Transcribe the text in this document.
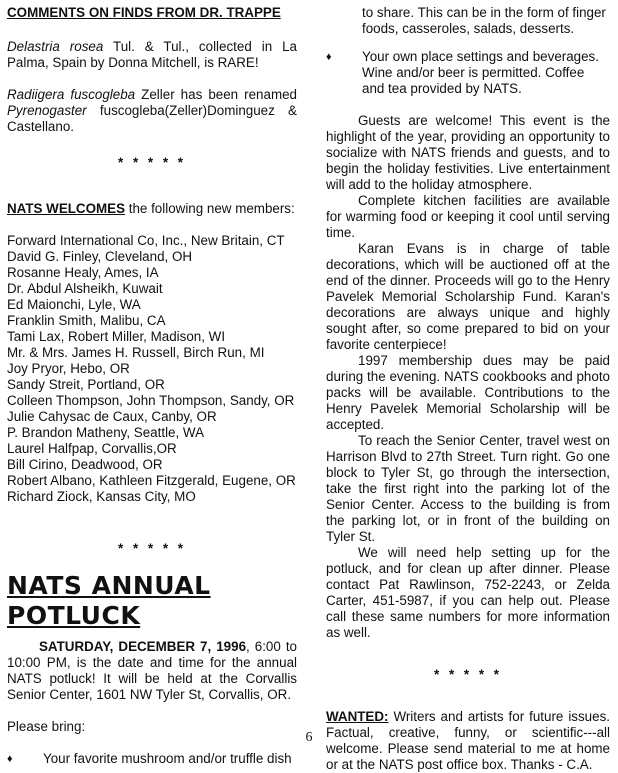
COMMENTS ON FINDS FROM DR. TRAPPE

Delastria rosea Tul. & Tul., collected in La Palma, Spain by Donna Mitchell, is RARE!

Radiigera fuscogleba Zeller has been renamed Pyrenogaster fuscogleba(Zeller)Dominguez & Castellano.

* * * * *

NATS WELCOMES the following new members:

Forward International Co, Inc., New Britain, CT

David G. Finley, Cleveland, OH

Rosanne Healy, Ames, IA

Dr. Abdul Alsheikh, Kuwait

Ed Maionchi, Lyle, WA

Franklin Smith, Malibu, CA

Tami Lax, Robert Miller, Madison, WI

Mr. & Mrs. James H. Russell, Birch Run, MI

Joy Pryor, Hebo, OR

Sandy Streit, Portland, OR

Colleen Thompson, John Thompson, Sandy, OR

Julie Cahysac de Caux, Canby, OR

P. Brandon Matheny, Seattle, WA

Laurel Halfpap, Corvallis,OR

Bill Cirino, Deadwood, OR

Robert Albano, Kathleen Fitzgerald, Eugene, OR

Richard Ziock, Kansas City, MO

* * * * *

NATS ANNUAL POTLUCK

SATURDAY, DECEMBER 7, 1996, 6:00 to 10:00 PM, is the date and time for the annual NATS potluck! It will be held at the Corvallis Senior Center, 1601 NW Tyler St, Corvallis, OR.

Please bring:

♦	Your favorite mushroom and/or truffle dish
to share. This can be in the form of finger foods, casseroles, salads, desserts.
♦	Your own place settings and beverages. Wine and/or beer is permitted. Coffee and tea provided by NATS.

Guests are welcome! This event is the highlight of the year, providing an opportunity to socialize with NATS friends and guests, and to begin the holiday festivities. Live entertainment will add to the holiday atmosphere.

Complete kitchen facilities are available for warming food or keeping it cool until serving time.

Karan Evans is in charge of table decorations, which will be auctioned off at the end of the dinner. Proceeds will go to the Henry Pavelek Memorial Scholarship Fund. Karan's decorations are always unique and highly sought after, so come prepared to bid on your favorite centerpiece!

1997 membership dues may be paid during the evening. NATS cookbooks and photo packs will be available. Contributions to the Henry Pavelek Memorial Scholarship will be accepted.

To reach the Senior Center, travel west on Harrison Blvd to 27th Street. Turn right. Go one block to Tyler St, go through the intersection, take the first right into the parking lot of the Senior Center. Access to the building is from the parking lot, or in front of the building on Tyler St.

We will need help setting up for the potluck, and for clean up after dinner. Please contact Pat Rawlinson, 752-2243, or Zelda Carter, 451-5987, if you can help out. Please call these same numbers for more information as well.

* * * * *

WANTED: Writers and artists for future issues. Factual, creative, funny, or scientific---all welcome. Please send material to me at home or at the NATS post office box. Thanks - C.A.

6
